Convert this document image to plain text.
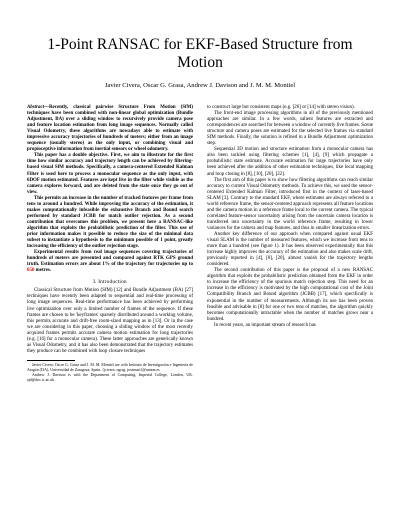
1-Point RANSAC for EKF-Based Structure from Motion
Javier Civera, Oscar G. Grasa, Andrew J. Davison and J. M. M. Montiel

Abstract—Recently, classical pairwise Structure From Motion (SfM) techniques have been combined with non-linear global optimization (Bundle Adjustment, BA) over a sliding window to recursively provide camera pose and feature location estimation from long image sequences. Normally called Visual Odometry, these algorithms are nowadays able to estimate with impressive accuracy trajectories of hundreds of meters; either from an image sequence (usually stereo) as the only input, or combining visual and propioceptive information from inertial sensors or wheel odometry.

This paper has a double objective. First, we aim to illustrate for the first time how similar accuracy and trajectory length can be achieved by filtering-based visual SfM methods. Specifically, a camera-centered Extended Kalman Filter is used here to process a monocular sequence as the only input, with 6DOF motion estimated. Features are kept live in the filter while visible as the camera explores forward, and are deleted from the state once they go out of view.

This permits an increase in the number of tracked features per frame from tens to around a hundred. While improving the accuracy of the estimation, it makes computationally infeasible the exhaustive Branch and Bound search performed by standard JCBB for match outlier rejection. As a second contribution that overcomes this problem, we present here a RANSAC-like algorithm that exploits the probabilistic prediction of the filter. This use of prior information makes it possible to reduce the size of the minimal data subset to instantiate a hypothesis to the minimum possible of 1 point, greatly increasing the efficiency of the outlier rejection stage.

Experimental results from real image sequences covering trajectories of hundreds of meters are presented and compared against RTK GPS ground truth. Estimation errors are about 1% of the trajectory for trajectories up to 650 metres.

I. Introduction

Classical Structure from Motion (SfM) [12] and Bundle Adjustment (BA) [27] techniques have recently been adapted to sequential and real-time processing of long image sequences. Real-time performance has been achieved by performing live optimization over only a limited number of frames of the sequence. If these frames are chosen to be 'keyframes' sparsely distributed around a working volume, this permits accurate and drift-free room-sized mapping as in [13]. Or in the case we are considering in this paper, choosing a sliding window of the most recently acquired frames permits accurate camera motion estimation for long trajectories (e.g. [16] for a monocular camera). These latter approaches are generically known as Visual Odometry, and it has also been demonstrated that the trajectory estimates they produce can be combined with loop closure techniques

Javier Civera, Oscar G. Grasa and J. M. M. Montiel are with Instituto de Investigación e Ingeniería de Aragón (I3A), Universidad de Zaragoza, Spain. {jcivera, ogrsg, josemari}@unizar.es

Andrew J. Davison is with the Department of Computing, Imperial College, London, UK. ajd@doc.ic.ac.uk

to construct large but consistent maps (e.g. [26] or [14] with stereo vision).

The front-end image processing algorithms in all of the previously mentioned approaches are similar. In a few words, salient features are extracted and correspondences are searched for between a window of currently live frames. Scene structure and camera poses are estimated for the selected live frames via standard SfM methods. Finally, the solution is refined in a Bundle Adjustment optimization step.

Sequential 3D motion and structure estimation from a monocular camera has also been tackled using filtering schemes [1], [4], [9] which propagate a probabilistic state estimate. Accurate estimation for large trajectories have only been achieved after the addition of other estimation techniques, like local mapping and loop closing in [8], [10], [20], [22].

The first aim of this paper is to show how filtering algorithms can reach similar accuracy to current Visual Odometry methods. To achieve this, we used the sensor-centered Extended Kalman Filter, introduced first in the context of laser-based SLAM [3]. Contrary to the standard EKF, where estimates are always referred to a world reference frame, the sensor-centered approach represents all feature locations and the camera motion in a reference frame local to the current camera. The typical correlated feature-sensor uncertainty arising from the uncertain camera location is transferred into uncertainty in the world reference frame, resulting in lower variances for the camera and map features, and thus in smaller linearization errors.

Another key difference of our approach when compared against usual EKF visual SLAM is the number of measured features, which we increase from tens to more than a hundred (see figure 1). It has been observed experimentally that this increase highly improves the accuracy of the estimation and also makes scale drift, previously reported in [4], [8], [20], almost vanish for the trajectory lengths considered.

The second contribution of this paper is the proposal of a new RANSAC algorithm that exploits the probabilistic prediction obtained from the EKF in order to increase the efficiency of the spurious match rejection step. This need for an increase in the efficiency is motivated by the high computational cost of the Joint Compatibility Branch and Bound algorithm (JCBB) [17], which specifically is exponential in the number of measurements. Although its use has been proven feasible and advisable in [8] for one or two tens of matches, the algorithm quickly becomes computationally intractable when the number of matches grows near a hundred.

In recent years, an important stream of research has
